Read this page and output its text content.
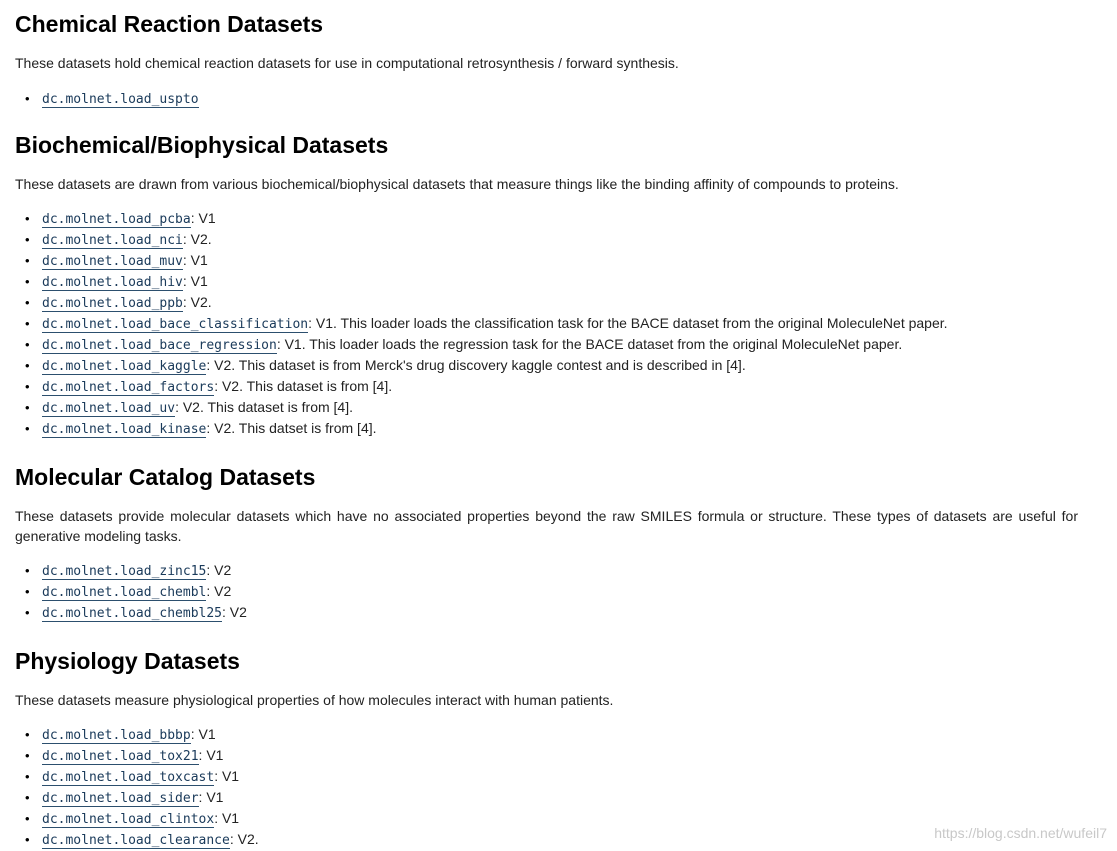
Chemical Reaction Datasets

These datasets hold chemical reaction datasets for use in computational retrosynthesis / forward synthesis.

• dc.molnet.load_uspto
Biochemical/Biophysical Datasets

These datasets are drawn from various biochemical/biophysical datasets that measure things like the binding affinity of compounds to proteins.

• dc.molnet.load_pcba: V1
• dc.molnet.load_nci: V2.
• dc.molnet.load_muv: V1
• dc.molnet.load_hiv: V1
• dc.molnet.load_ppb: V2.
• dc.molnet.load_bace_classification: V1. This loader loads the classification task for the BACE dataset from the original MoleculeNet paper.
• dc.molnet.load_bace_regression: V1. This loader loads the regression task for the BACE dataset from the original MoleculeNet paper.
• dc.molnet.load_kaggle: V2. This dataset is from Merck's drug discovery kaggle contest and is described in [4].
• dc.molnet.load_factors: V2. This dataset is from [4].
• dc.molnet.load_uv: V2. This dataset is from [4].
• dc.molnet.load_kinase: V2. This datset is from [4].
Molecular Catalog Datasets

These datasets provide molecular datasets which have no associated properties beyond the raw SMILES formula or structure. These types of datasets are useful for generative modeling tasks.

• dc.molnet.load_zinc15: V2
• dc.molnet.load_chembl: V2
• dc.molnet.load_chembl25: V2
Physiology Datasets

These datasets measure physiological properties of how molecules interact with human patients.

• dc.molnet.load_bbbp: V1
• dc.molnet.load_tox21: V1
• dc.molnet.load_toxcast: V1
• dc.molnet.load_sider: V1
• dc.molnet.load_clintox: V1
• dc.molnet.load_clearance: V2.	https://blog.csdn.net/wufeil7
